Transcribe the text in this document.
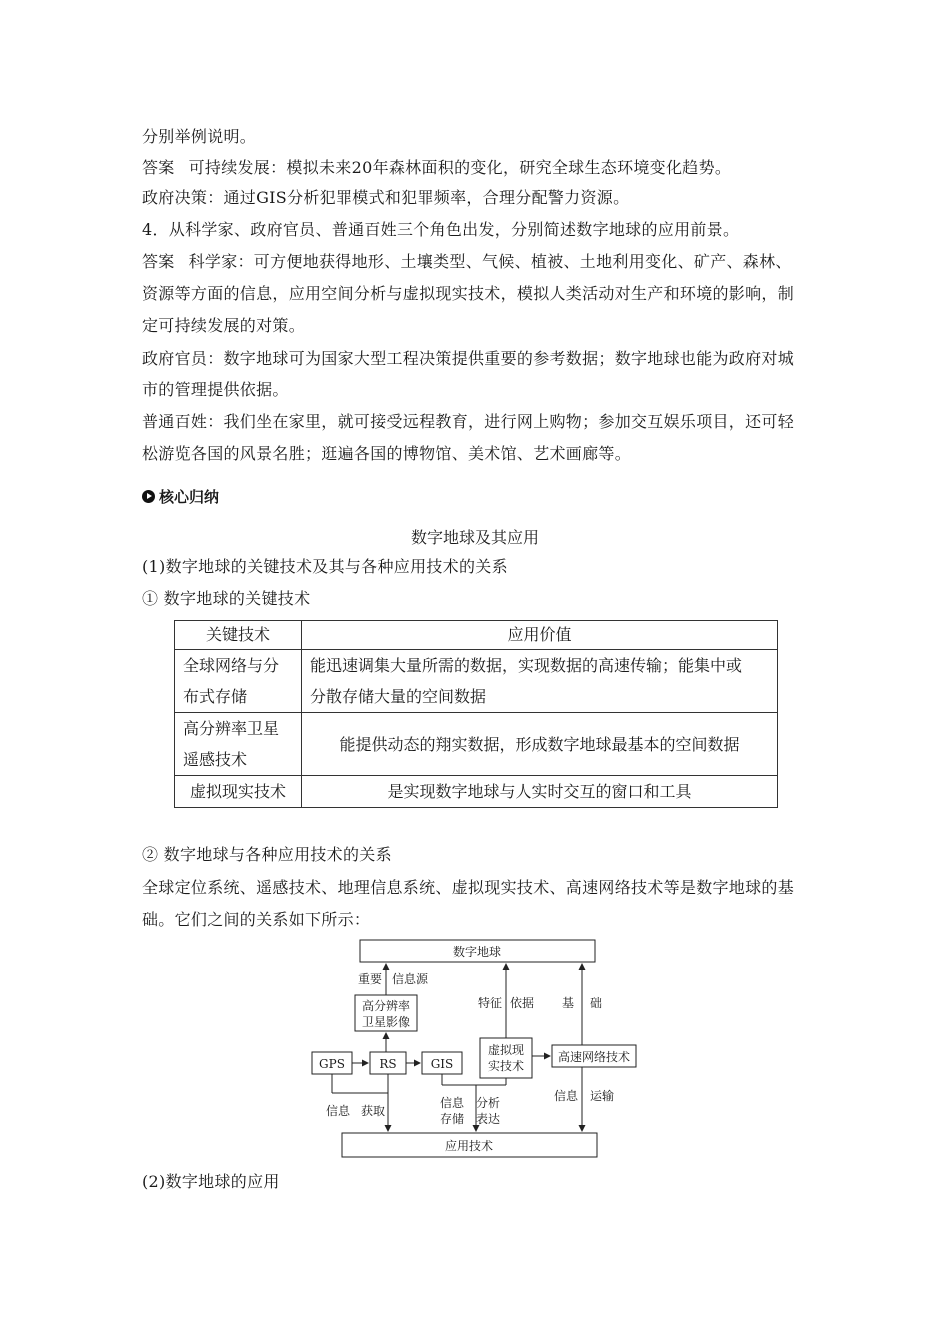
分别举例说明。
答案 可持续发展：模拟未来20年森林面积的变化，研究全球生态环境变化趋势。
政府决策：通过GIS分析犯罪模式和犯罪频率，合理分配警力资源。
4．从科学家、政府官员、普通百姓三个角色出发，分别简述数字地球的应用前景。
答案 科学家：可方便地获得地形、土壤类型、气候、植被、土地利用变化、矿产、森林、
资源等方面的信息，应用空间分析与虚拟现实技术，模拟人类活动对生产和环境的影响，制
定可持续发展的对策。
政府官员：数字地球可为国家大型工程决策提供重要的参考数据；数字地球也能为政府对城
市的管理提供依据。
普通百姓：我们坐在家里，就可接受远程教育，进行网上购物；参加交互娱乐项目，还可轻
松游览各国的风景名胜；逛遍各国的博物馆、美术馆、艺术画廊等。
核心归纳
数字地球及其应用
(1)数字地球的关键技术及其与各种应用技术的关系
① 数字地球的关键技术
关键技术	应用价值
全球网络与分
布式存储	能迅速调集大量所需的数据，实现数据的高速传输；能集中或
分散存储大量的空间数据
高分辨率卫星
遥感技术	能提供动态的翔实数据，形成数字地球最基本的空间数据
虚拟现实技术	是实现数字地球与人实时交互的窗口和工具
② 数字地球与各种应用技术的关系
全球定位系统、遥感技术、地理信息系统、虚拟现实技术、高速网络技术等是数字地球的基
础。它们之间的关系如下所示：
数字地球
高分辨率
卫星影像
重要 信息源
GPS	RS	GIS
虚拟现
实技术
特征 依据
高速网络技术
基 础
应用技术
信息 获取
信息
存储
分析
表达
信息 运输
(2)数字地球的应用
